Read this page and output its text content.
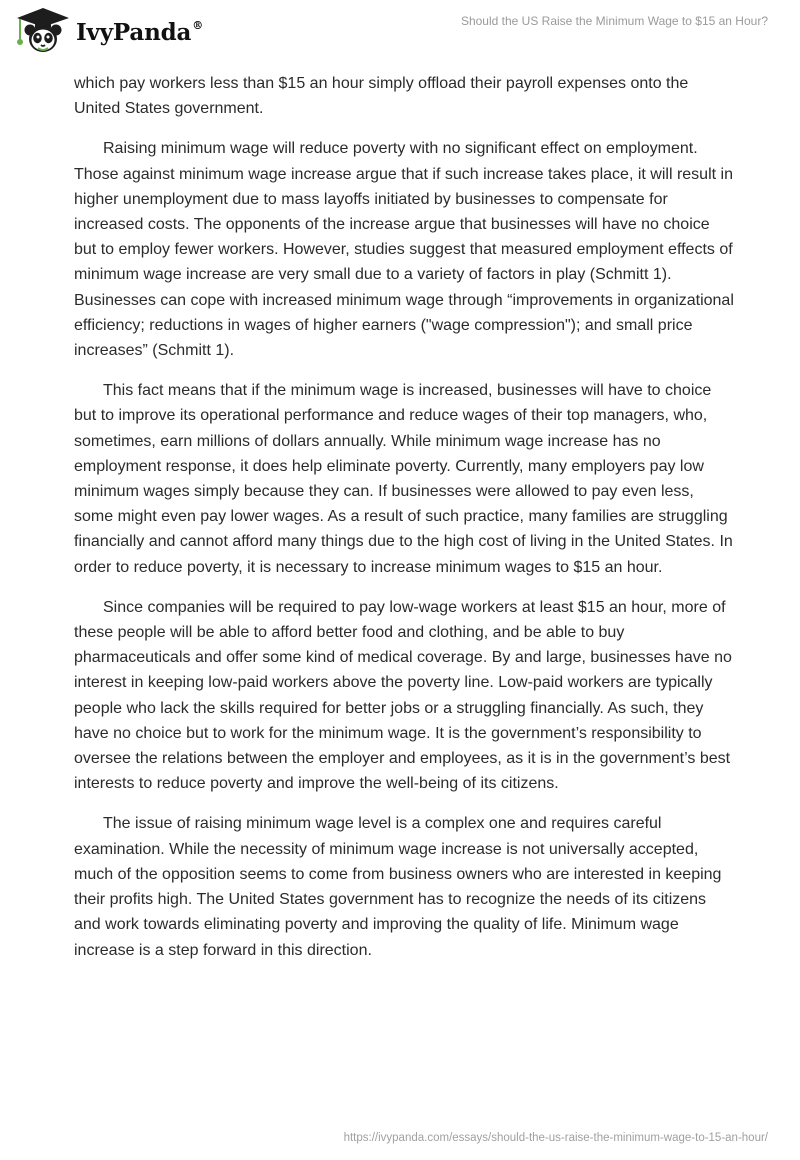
IvyPanda®	Should the US Raise the Minimum Wage to $15 an Hour?

which pay workers less than $15 an hour simply offload their payroll expenses onto the United States government.

Raising minimum wage will reduce poverty with no significant effect on employment. Those against minimum wage increase argue that if such increase takes place, it will result in higher unemployment due to mass layoffs initiated by businesses to compensate for increased costs. The opponents of the increase argue that businesses will have no choice but to employ fewer workers. However, studies suggest that measured employment effects of minimum wage increase are very small due to a variety of factors in play (Schmitt 1). Businesses can cope with increased minimum wage through “improvements in organizational efficiency; reductions in wages of higher earners ("wage compression"); and small price increases” (Schmitt 1).

This fact means that if the minimum wage is increased, businesses will have to choice but to improve its operational performance and reduce wages of their top managers, who, sometimes, earn millions of dollars annually. While minimum wage increase has no employment response, it does help eliminate poverty. Currently, many employers pay low minimum wages simply because they can. If businesses were allowed to pay even less, some might even pay lower wages. As a result of such practice, many families are struggling financially and cannot afford many things due to the high cost of living in the United States. In order to reduce poverty, it is necessary to increase minimum wages to $15 an hour.

Since companies will be required to pay low-wage workers at least $15 an hour, more of these people will be able to afford better food and clothing, and be able to buy pharmaceuticals and offer some kind of medical coverage. By and large, businesses have no interest in keeping low-paid workers above the poverty line. Low-paid workers are typically people who lack the skills required for better jobs or a struggling financially. As such, they have no choice but to work for the minimum wage. It is the government’s responsibility to oversee the relations between the employer and employees, as it is in the government’s best interests to reduce poverty and improve the well-being of its citizens.

The issue of raising minimum wage level is a complex one and requires careful examination. While the necessity of minimum wage increase is not universally accepted, much of the opposition seems to come from business owners who are interested in keeping their profits high. The United States government has to recognize the needs of its citizens and work towards eliminating poverty and improving the quality of life. Minimum wage increase is a step forward in this direction.

https://ivypanda.com/essays/should-the-us-raise-the-minimum-wage-to-15-an-hour/
